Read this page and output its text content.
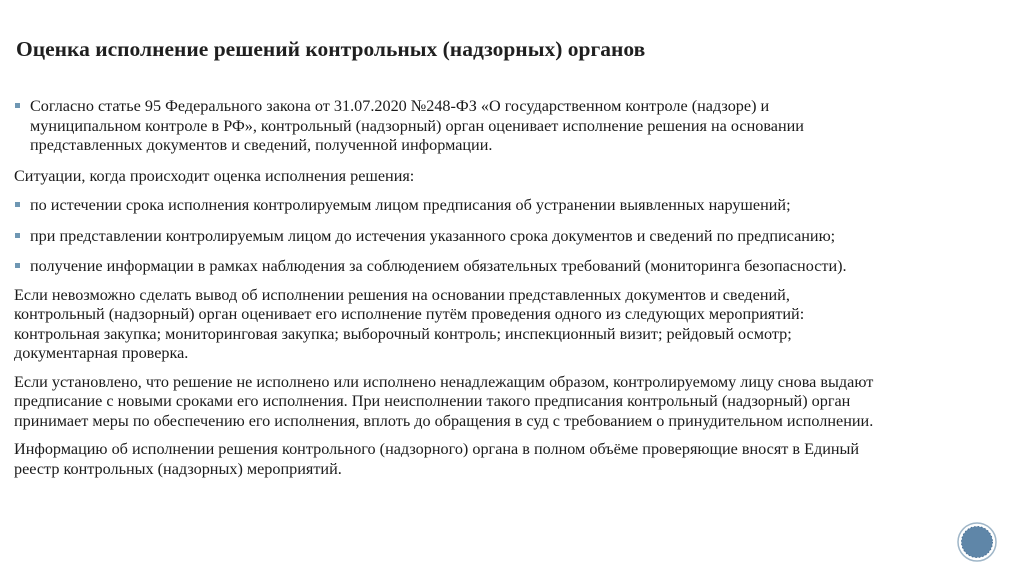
Оценка исполнение решений контрольных (надзорных) органов
Согласно статье 95 Федерального закона от 31.07.2020 №248-ФЗ «О государственном контроле (надзоре) и
муниципальном контроле в РФ», контрольный (надзорный) орган оценивает исполнение решения на основании
представленных документов и сведений, полученной информации.
Ситуации, когда происходит оценка исполнения решения:
по истечении срока исполнения контролируемым лицом предписания об устранении выявленных нарушений;
при представлении контролируемым лицом до истечения указанного срока документов и сведений по предписанию;
получение информации в рамках наблюдения за соблюдением обязательных требований (мониторинга безопасности).
Если невозможно сделать вывод об исполнении решения на основании представленных документов и сведений,
контрольный (надзорный) орган оценивает его исполнение путём проведения одного из следующих мероприятий:
контрольная закупка; мониторинговая закупка; выборочный контроль; инспекционный визит; рейдовый осмотр;
документарная проверка.
Если установлено, что решение не исполнено или исполнено ненадлежащим образом, контролируемому лицу снова выдают
предписание с новыми сроками его исполнения. При неисполнении такого предписания контрольный (надзорный) орган
принимает меры по обеспечению его исполнения, вплоть до обращения в суд с требованием о принудительном исполнении.
Информацию об исполнении решения контрольного (надзорного) органа в полном объёме проверяющие вносят в Единый
реестр контрольных (надзорных) мероприятий.
